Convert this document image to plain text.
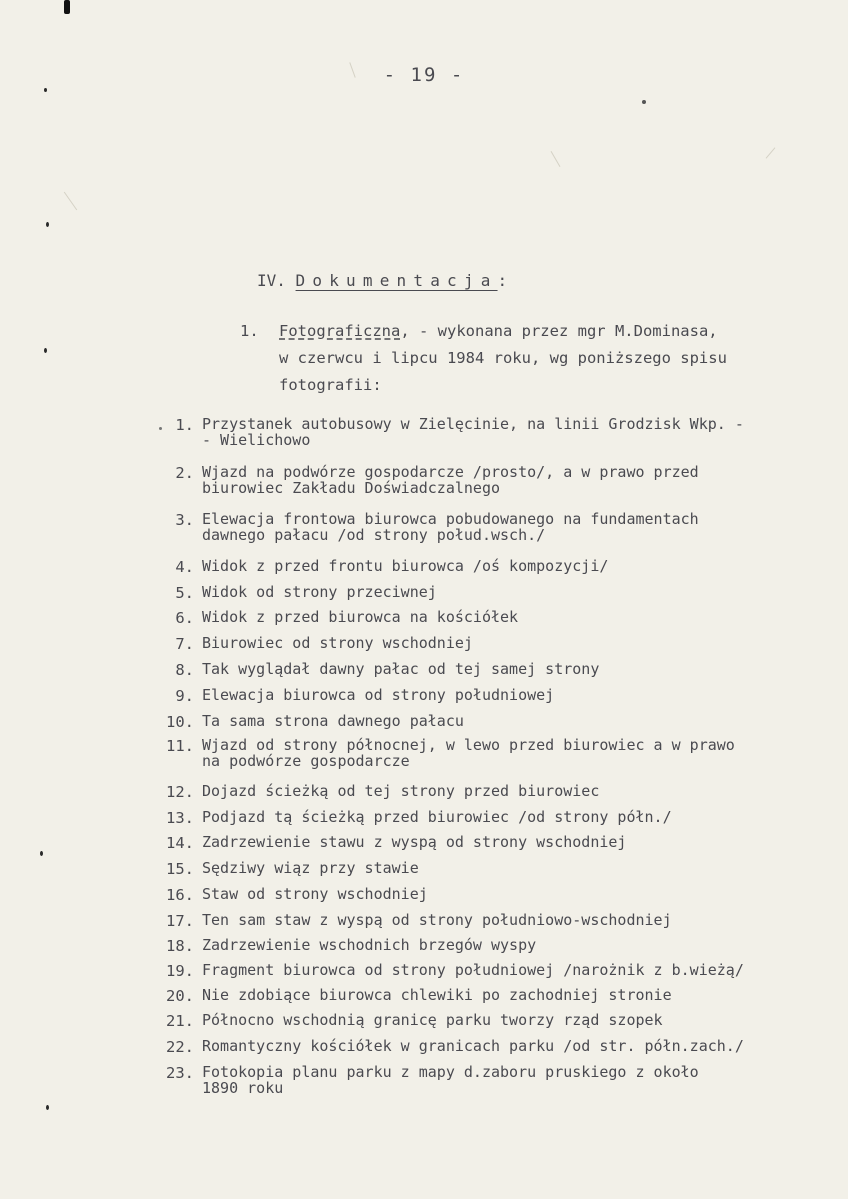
- 19 -
IV. Dokumentacja:
1. Fotograficzna, - wykonana przez mgr M.Dominasa,
w czerwcu i lipcu 1984 roku, wg poniższego spisu
fotografii:
1. Przystanek autobusowy w Zielęcinie, na linii Grodzisk Wkp. -
- Wielichowo
2. Wjazd na podwórze gospodarcze /prosto/, a w prawo przed
biurowiec Zakładu Doświadczalnego
3. Elewacja frontowa biurowca pobudowanego na fundamentach
dawnego pałacu /od strony połud.wsch./
4. Widok z przed frontu biurowca /oś kompozycji/
5. Widok od strony przeciwnej
6. Widok z przed biurowca na kościółek
7. Biurowiec od strony wschodniej
8. Tak wyglądał dawny pałac od tej samej strony
9. Elewacja biurowca od strony południowej
10. Ta sama strona dawnego pałacu
11. Wjazd od strony północnej, w lewo przed biurowiec a w prawo
na podwórze gospodarcze
12. Dojazd ścieżką od tej strony przed biurowiec
13. Podjazd tą ścieżką przed biurowiec /od strony półn./
14. Zadrzewienie stawu z wyspą od strony wschodniej
15. Sędziwy wiąz przy stawie
16. Staw od strony wschodniej
17. Ten sam staw z wyspą od strony południowo-wschodniej
18. Zadrzewienie wschodnich brzegów wyspy
19. Fragment biurowca od strony południowej /narożnik z b.wieżą/
20. Nie zdobiące biurowca chlewiki po zachodniej stronie
21. Północno wschodnią granicę parku tworzy rząd szopek
22. Romantyczny kościółek w granicach parku /od str. półn.zach./
23. Fotokopia planu parku z mapy d.zaboru pruskiego z około
1890 roku
